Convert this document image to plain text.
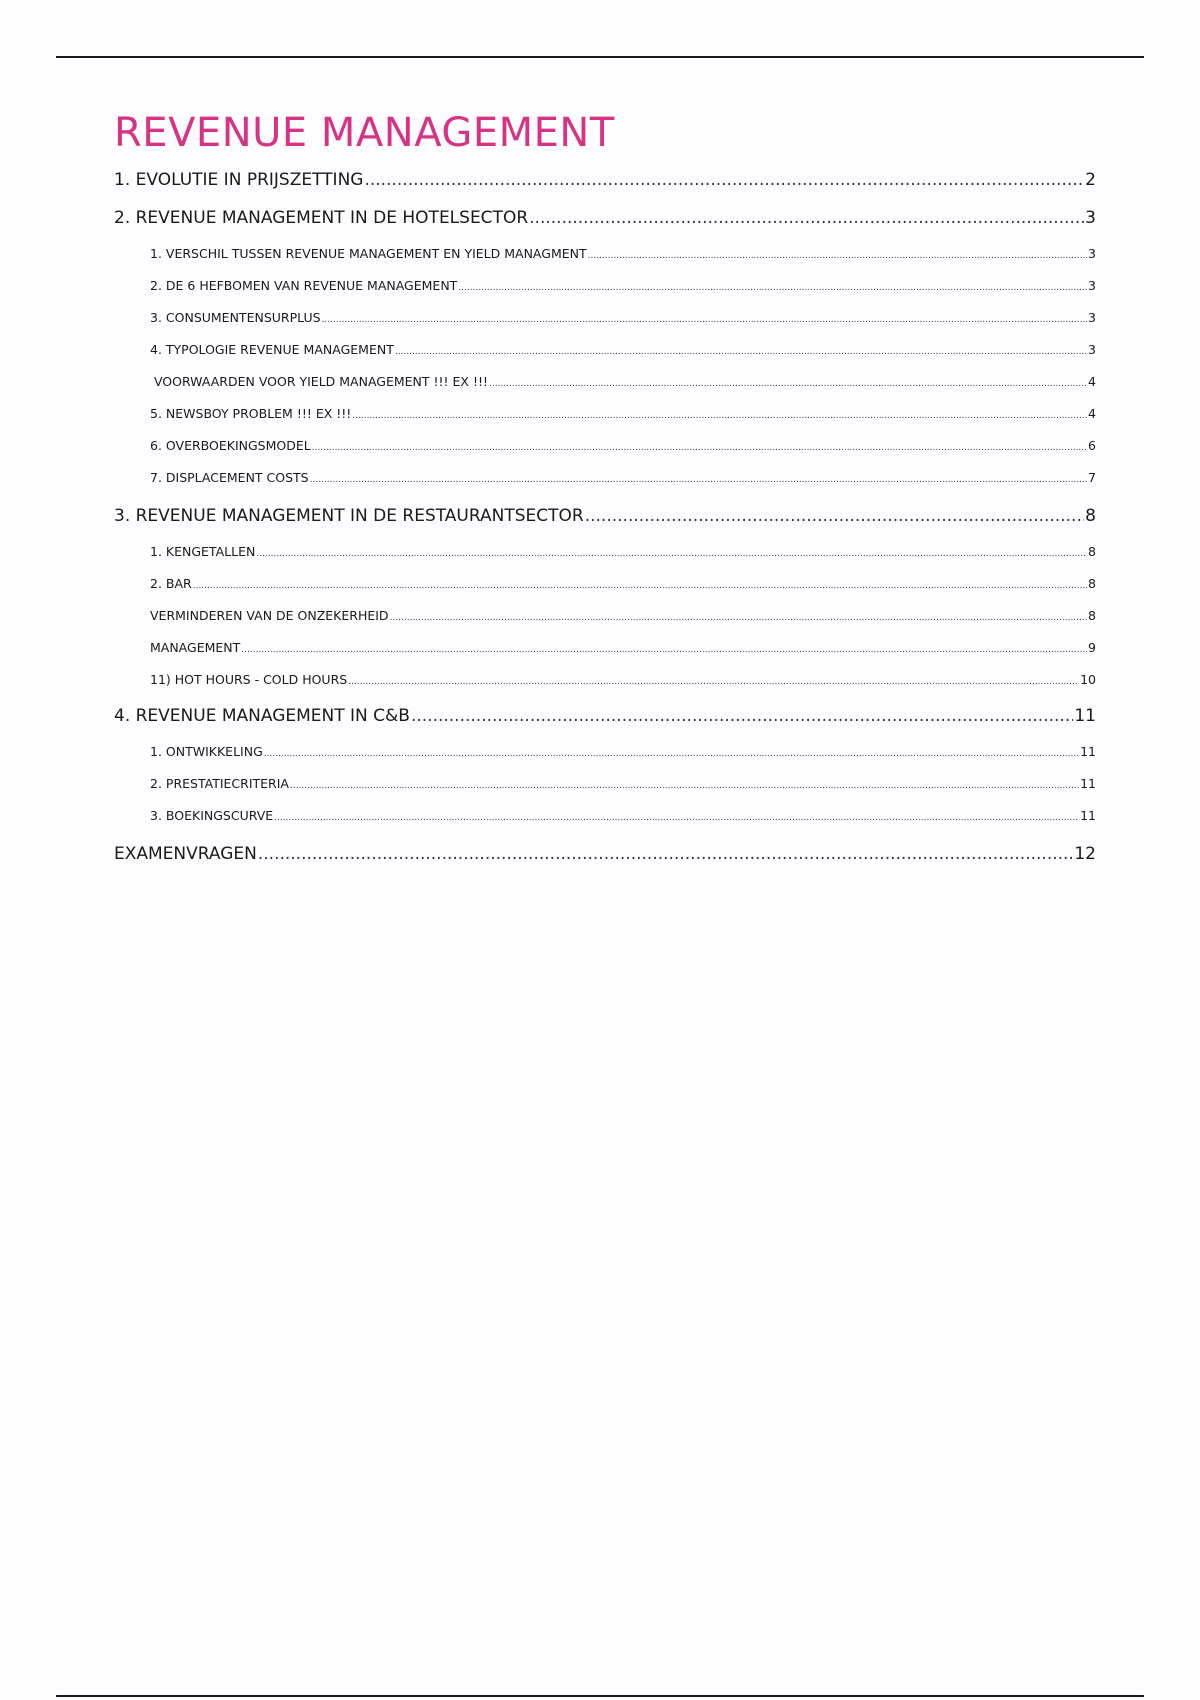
REVENUE MANAGEMENT
1. EVOLUTIE IN PRIJSZETTING .....	2
2. REVENUE MANAGEMENT IN DE HOTELSECTOR .....	3
1. VERSCHIL TUSSEN REVENUE MANAGEMENT EN YIELD MANAGMENT .....	3
2. DE 6 HEFBOMEN VAN REVENUE MANAGEMENT .....	3
3. CONSUMENTENSURPLUS .....	3
4. TYPOLOGIE REVENUE MANAGEMENT .....	3
VOORWAARDEN VOOR YIELD MANAGEMENT !!! EX !!! .....	4
5. NEWSBOY PROBLEM !!! EX !!! .....	4
6. OVERBOEKINGSMODEL .....	6
7. DISPLACEMENT COSTS .....	7
3. REVENUE MANAGEMENT IN DE RESTAURANTSECTOR .....	8
1. KENGETALLEN .....	8
2. BAR .....	8
VERMINDEREN VAN DE ONZEKERHEID .....	8
MANAGEMENT .....	9
11) HOT HOURS - COLD HOURS .....	10
4. REVENUE MANAGEMENT IN C&B .....	11
1. ONTWIKKELING .....	11
2. PRESTATIECRITERIA .....	11
3. BOEKINGSCURVE .....	11
EXAMENVRAGEN .....	12
